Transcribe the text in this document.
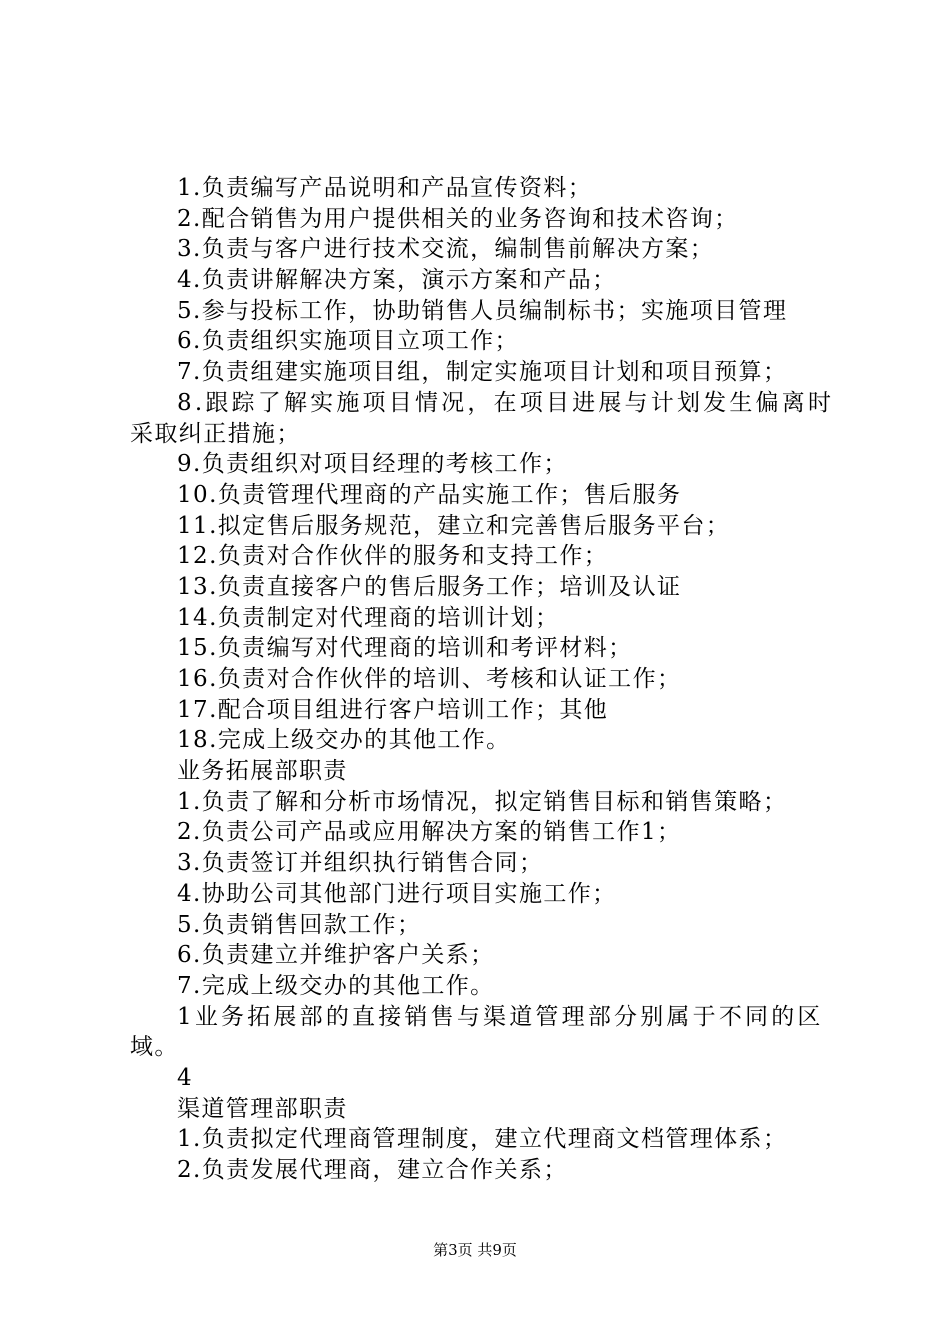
1.负责编写产品说明和产品宣传资料；
2.配合销售为用户提供相关的业务咨询和技术咨询；
3.负责与客户进行技术交流，编制售前解决方案；
4.负责讲解解决方案，演示方案和产品；
5.参与投标工作，协助销售人员编制标书；实施项目管理
6.负责组织实施项目立项工作；
7.负责组建实施项目组，制定实施项目计划和项目预算；
8.跟踪了解实施项目情况，在项目进展与计划发生偏离时
采取纠正措施；
9.负责组织对项目经理的考核工作；
10.负责管理代理商的产品实施工作；售后服务
11.拟定售后服务规范，建立和完善售后服务平台；
12.负责对合作伙伴的服务和支持工作；
13.负责直接客户的售后服务工作；培训及认证
14.负责制定对代理商的培训计划；
15.负责编写对代理商的培训和考评材料；
16.负责对合作伙伴的培训、考核和认证工作；
17.配合项目组进行客户培训工作；其他
18.完成上级交办的其他工作。
业务拓展部职责
1.负责了解和分析市场情况，拟定销售目标和销售策略；
2.负责公司产品或应用解决方案的销售工作1；
3.负责签订并组织执行销售合同；
4.协助公司其他部门进行项目实施工作；
5.负责销售回款工作；
6.负责建立并维护客户关系；
7.完成上级交办的其他工作。
1业务拓展部的直接销售与渠道管理部分别属于不同的区
域。
4
渠道管理部职责
1.负责拟定代理商管理制度，建立代理商文档管理体系；
2.负责发展代理商，建立合作关系；
第3页 共9页
